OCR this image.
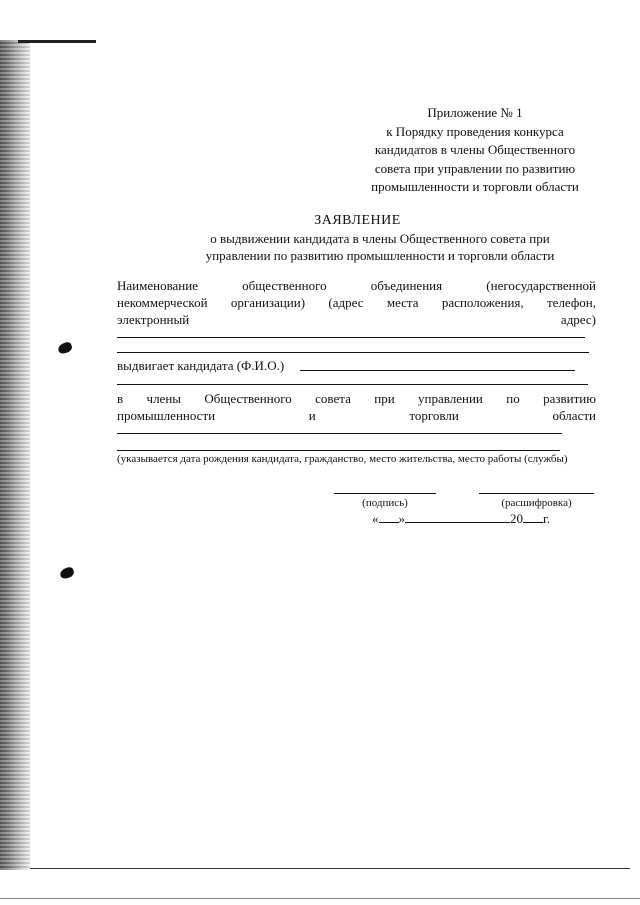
Приложение № 1
к Порядку проведения конкурса
кандидатов в члены Общественного
совета при управлении по развитию
промышленности и торговли области
ЗАЯВЛЕНИЕ
о выдвижении кандидата в члены Общественного совета при
управлении по развитию промышленности и торговли области
Наименование общественного объединения (негосударственной
некоммерческой организации) (адрес места расположения, телефон,
электронный	адрес)
выдвигает кандидата (Ф.И.О.)
в члены Общественного совета при управлении по развитию
промышленности	и	торговли	области
(указывается дата рождения кандидата, гражданство, место жительства, место работы (службы)
(подпись)	(расшифровка)
« »	20 г.
